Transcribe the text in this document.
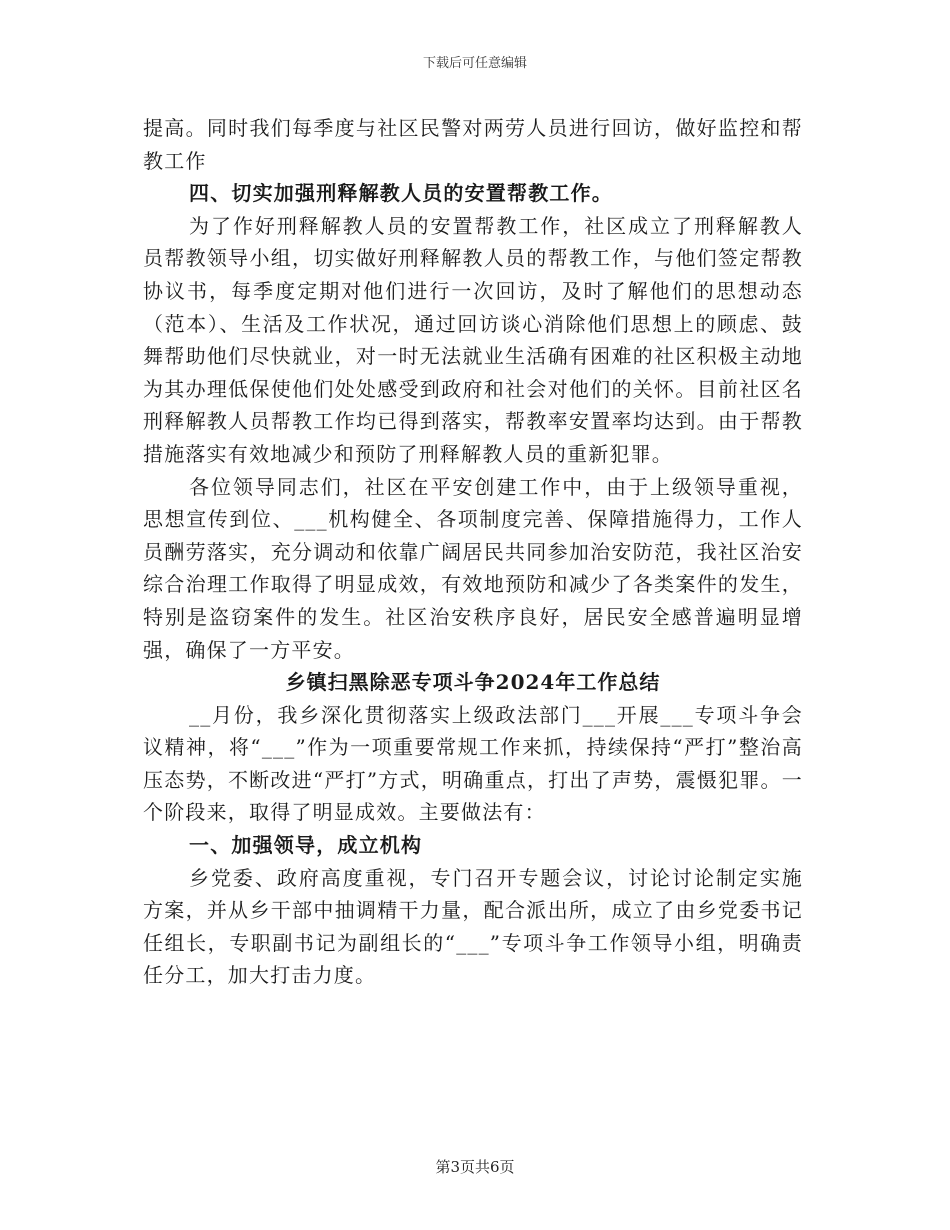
下载后可任意编辑

提高。同时我们每季度与社区民警对两劳人员进行回访，做好监控和帮教工作

四、切实加强刑释解教人员的安置帮教工作。

为了作好刑释解教人员的安置帮教工作，社区成立了刑释解教人员帮教领导小组，切实做好刑释解教人员的帮教工作，与他们签定帮教协议书，每季度定期对他们进行一次回访，及时了解他们的思想动态（范本）、生活及工作状况，通过回访谈心消除他们思想上的顾虑、鼓舞帮助他们尽快就业，对一时无法就业生活确有困难的社区积极主动地为其办理低保使他们处处感受到政府和社会对他们的关怀。目前社区名刑释解教人员帮教工作均已得到落实，帮教率安置率均达到。由于帮教措施落实有效地减少和预防了刑释解教人员的重新犯罪。

各位领导同志们，社区在平安创建工作中，由于上级领导重视，思想宣传到位、___机构健全、各项制度完善、保障措施得力，工作人员酬劳落实，充分调动和依靠广阔居民共同参加治安防范，我社区治安综合治理工作取得了明显成效，有效地预防和减少了各类案件的发生，特别是盗窃案件的发生。社区治安秩序良好，居民安全感普遍明显增强，确保了一方平安。

乡镇扫黑除恶专项斗争2024年工作总结

__月份，我乡深化贯彻落实上级政法部门___开展___专项斗争会议精神，将“___”作为一项重要常规工作来抓，持续保持“严打”整治高压态势，不断改进“严打”方式，明确重点，打出了声势，震慑犯罪。一个阶段来，取得了明显成效。主要做法有：

一、加强领导，成立机构

乡党委、政府高度重视，专门召开专题会议，讨论讨论制定实施方案，并从乡干部中抽调精干力量，配合派出所，成立了由乡党委书记任组长，专职副书记为副组长的“___”专项斗争工作领导小组，明确责任分工，加大打击力度。

第3页共6页
